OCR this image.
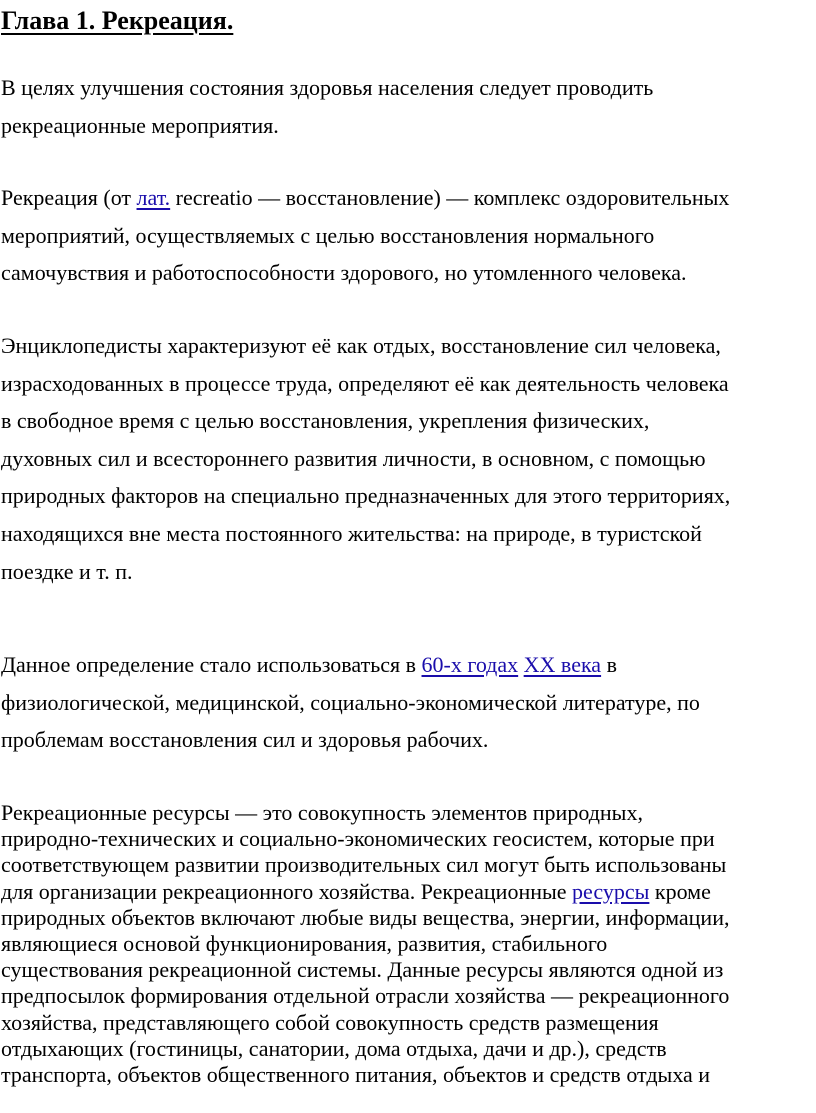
Глава 1. Рекреация.

В целях улучшения состояния здоровья населения следует проводить
рекреационные мероприятия.

Рекреация (от лат. recreatio — восстановление) — комплекс оздоровительных
мероприятий, осуществляемых с целью восстановления нормального
самочувствия и работоспособности здорового, но утомленного человека.

Энциклопедисты характеризуют её как отдых, восстановление сил человека,
израсходованных в процессе труда, определяют её как деятельность человека
в свободное время с целью восстановления, укрепления физических,
духовных сил и всестороннего развития личности, в основном, с помощью
природных факторов на специально предназначенных для этого территориях,
находящихся вне места постоянного жительства: на природе, в туристской
поездке и т. п.

Данное определение стало использоваться в 60-х годах XX века в
физиологической, медицинской, социально-экономической литературе, по
проблемам восстановления сил и здоровья рабочих.

Рекреационные ресурсы — это совокупность элементов природных,
природно-технических и социально-экономических геосистем, которые при
соответствующем развитии производительных сил могут быть использованы
для организации рекреационного хозяйства. Рекреационные ресурсы кроме
природных объектов включают любые виды вещества, энергии, информации,
являющиеся основой функционирования, развития, стабильного
существования рекреационной системы. Данные ресурсы являются одной из
предпосылок формирования отдельной отрасли хозяйства — рекреационного
хозяйства, представляющего собой совокупность средств размещения
отдыхающих (гостиницы, санатории, дома отдыха, дачи и др.), средств
транспорта, объектов общественного питания, объектов и средств отдыха и
